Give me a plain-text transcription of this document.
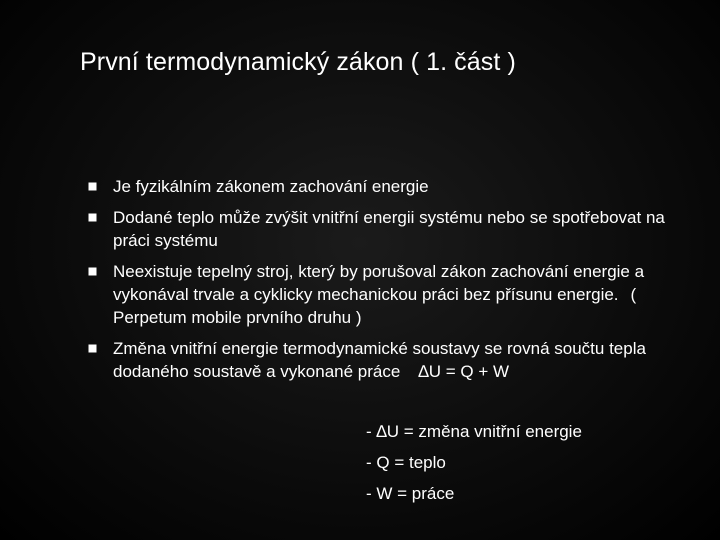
První termodynamický zákon ( 1. část )
Je fyzikálním zákonem zachování energie
Dodané teplo může zvýšit vnitřní energii systému nebo se spotřebovat na práci systému
Neexistuje tepelný stroj, který by porušoval zákon zachování energie a vykonával trvale a cyklicky mechanickou práci bez přísunu energie. ( Perpetum mobile prvního druhu )
Změna vnitřní energie termodynamické soustavy se rovná součtu tepla dodaného soustavě a vykonané práce ∆U = Q + W
- ∆U = změna vnitřní energie
- Q = teplo
- W = práce
